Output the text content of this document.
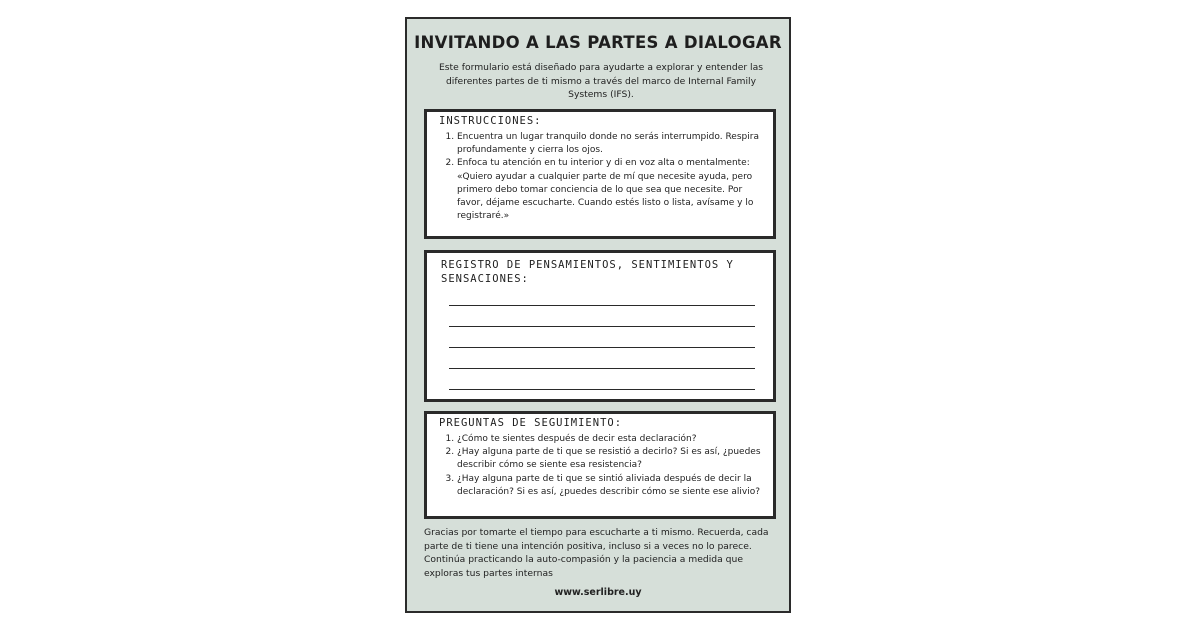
INVITANDO A LAS PARTES A DIALOGAR
Este formulario está diseñado para ayudarte a explorar y entender las diferentes partes de ti mismo a través del marco de Internal Family Systems (IFS).
INSTRUCCIONES:
1. Encuentra un lugar tranquilo donde no serás interrumpido. Respira profundamente y cierra los ojos.
2. Enfoca tu atención en tu interior y di en voz alta o mentalmente: «Quiero ayudar a cualquier parte de mí que necesite ayuda, pero primero debo tomar conciencia de lo que sea que necesite. Por favor, déjame escucharte. Cuando estés listo o lista, avísame y lo registraré.»
REGISTRO DE PENSAMIENTOS, SENTIMIENTOS Y SENSACIONES:
PREGUNTAS DE SEGUIMIENTO:
1. ¿Cómo te sientes después de decir esta declaración?
2. ¿Hay alguna parte de ti que se resistió a decirlo? Si es así, ¿puedes describir cómo se siente esa resistencia?
3. ¿Hay alguna parte de ti que se sintió aliviada después de decir la declaración? Si es así, ¿puedes describir cómo se siente ese alivio?
Gracias por tomarte el tiempo para escucharte a ti mismo. Recuerda, cada parte de ti tiene una intención positiva, incluso si a veces no lo parece. Continúa practicando la auto-compasión y la paciencia a medida que exploras tus partes internas
www.serlibre.uy
